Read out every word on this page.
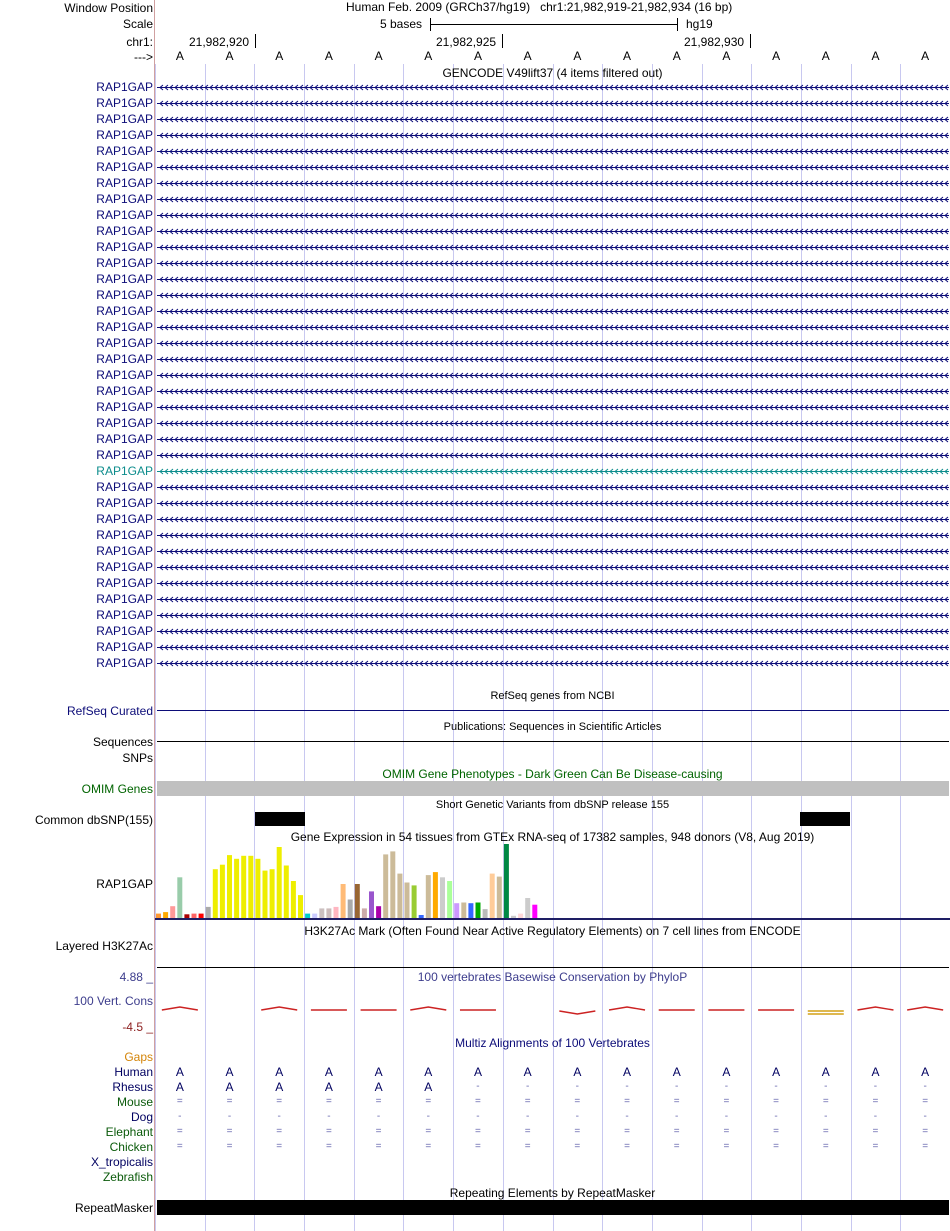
Window Position
Scale
chr1:
--->
Human Feb. 2009 (GRCh37/hg19) chr1:21,982,919-21,982,934 (16 bp)
5 bases	hg19
21,982,920	21,982,925	21,982,930
A	A	A	A	A	A	A	A	A	A	A	A	A	A	A	A
GENCODE V49lift37 (4 items filtered out)
RAP1GAP
RAP1GAP
RAP1GAP
RAP1GAP
RAP1GAP
RAP1GAP
RAP1GAP
RAP1GAP
RAP1GAP
RAP1GAP
RAP1GAP
RAP1GAP
RAP1GAP
RAP1GAP
RAP1GAP
RAP1GAP
RAP1GAP
RAP1GAP
RAP1GAP
RAP1GAP
RAP1GAP
RAP1GAP
RAP1GAP
RAP1GAP
RAP1GAP
RAP1GAP
RAP1GAP
RAP1GAP
RAP1GAP
RAP1GAP
RAP1GAP
RAP1GAP
RAP1GAP
RAP1GAP
RAP1GAP
RAP1GAP
RAP1GAP
RefSeq genes from NCBI
RefSeq Curated
Publications: Sequences in Scientific Articles
Sequences
SNPs
OMIM Gene Phenotypes - Dark Green Can Be Disease-causing
OMIM Genes
Short Genetic Variants from dbSNP release 155
Common dbSNP(155)
Gene Expression in 54 tissues from GTEx RNA-seq of 17382 samples, 948 donors (V8, Aug 2019)
RAP1GAP
H3K27Ac Mark (Often Found Near Active Regulatory Elements) on 7 cell lines from ENCODE
Layered H3K27Ac
100 vertebrates Basewise Conservation by PhyloP
4.88 _
100 Vert. Cons
-4.5 _
Multiz Alignments of 100 Vertebrates
Gaps
Human	A	A	A	A	A	A	A	A	A	A	A	A	A	A	A	A
Rhesus	A	A	A	A	A	A	-	-	-	-	-	-	-	-	-	-
Mouse	=	=	=	=	=	=	=	=	=	=	=	=	=	=	=	=
Dog	-	-	-	-	-	-	-	-	-	-	-	-	-	-	-	-
Elephant	=	=	=	=	=	=	=	=	=	=	=	=	=	=	=	=
Chicken	=	=	=	=	=	=	=	=	=	=	=	=	=	=	=	=
X_tropicalis
Zebrafish
Repeating Elements by RepeatMasker
RepeatMasker
